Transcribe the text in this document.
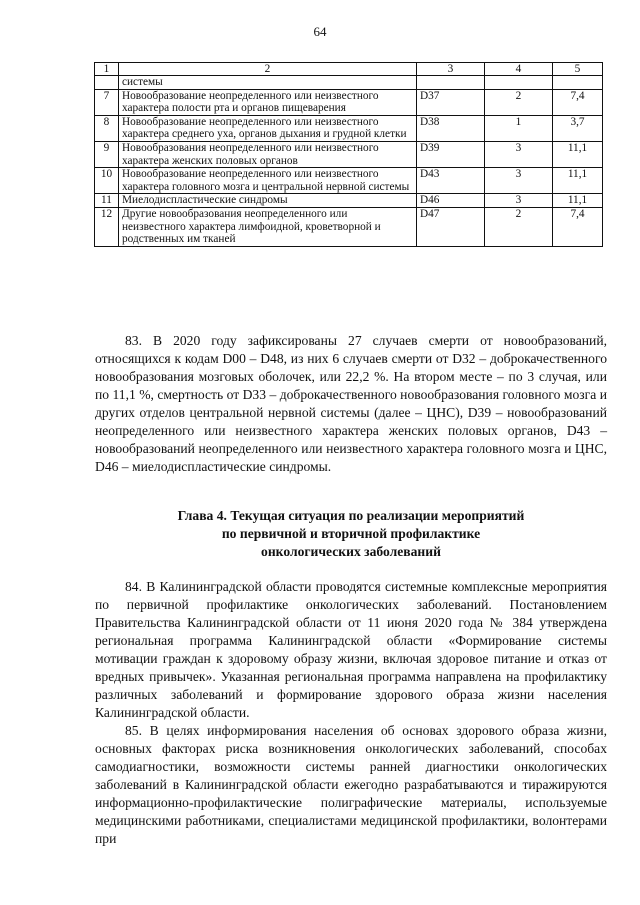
64
1	2	3	4	5
	системы			
7	Новообразование неопределенного или неизвестного характера полости рта и органов пищеварения	D37	2	7,4
8	Новообразование неопределенного или неизвестного характера среднего уха, органов дыхания и грудной клетки	D38	1	3,7
9	Новообразования неопределенного или неизвестного характера женских половых органов	D39	3	11,1
10	Новообразование неопределенного или неизвестного характера головного мозга и центральной нервной системы	D43	3	11,1
11	Миелодиспластические синдромы	D46	3	11,1
12	Другие новообразования неопределенного или неизвестного характера лимфоидной, кроветворной и родственных им тканей	D47	2	7,4

83. В 2020 году зафиксированы 27 случаев смерти от новообразований, относящихся к кодам D00 – D48, из них 6 случаев смерти от D32 – доброкачественного новообразования мозговых оболочек, или 22,2 %. На втором месте – по 3 случая, или по 11,1 %, смертность от D33 – доброкачественного новообразования головного мозга и других отделов центральной нервной системы (далее – ЦНС), D39 – новообразований неопределенного или неизвестного характера женских половых органов, D43 – новообразований неопределенного или неизвестного характера головного мозга и ЦНС, D46 – миелодиспластические синдромы.

Глава 4. Текущая ситуация по реализации мероприятий
по первичной и вторичной профилактике
онкологических заболеваний

84. В Калининградской области проводятся системные комплексные мероприятия по первичной профилактике онкологических заболеваний. Постановлением Правительства Калининградской области от 11 июня 2020 года № 384 утверждена региональная программа Калининградской области «Формирование системы мотивации граждан к здоровому образу жизни, включая здоровое питание и отказ от вредных привычек». Указанная региональная программа направлена на профилактику различных заболеваний и формирование здорового образа жизни населения Калининградской области.

85. В целях информирования населения об основах здорового образа жизни, основных факторах риска возникновения онкологических заболеваний, способах самодиагностики, возможности системы ранней диагностики онкологических заболеваний в Калининградской области ежегодно разрабатываются и тиражируются информационно-профилактические полиграфические материалы, используемые медицинскими работниками, специалистами медицинской профилактики, волонтерами при
